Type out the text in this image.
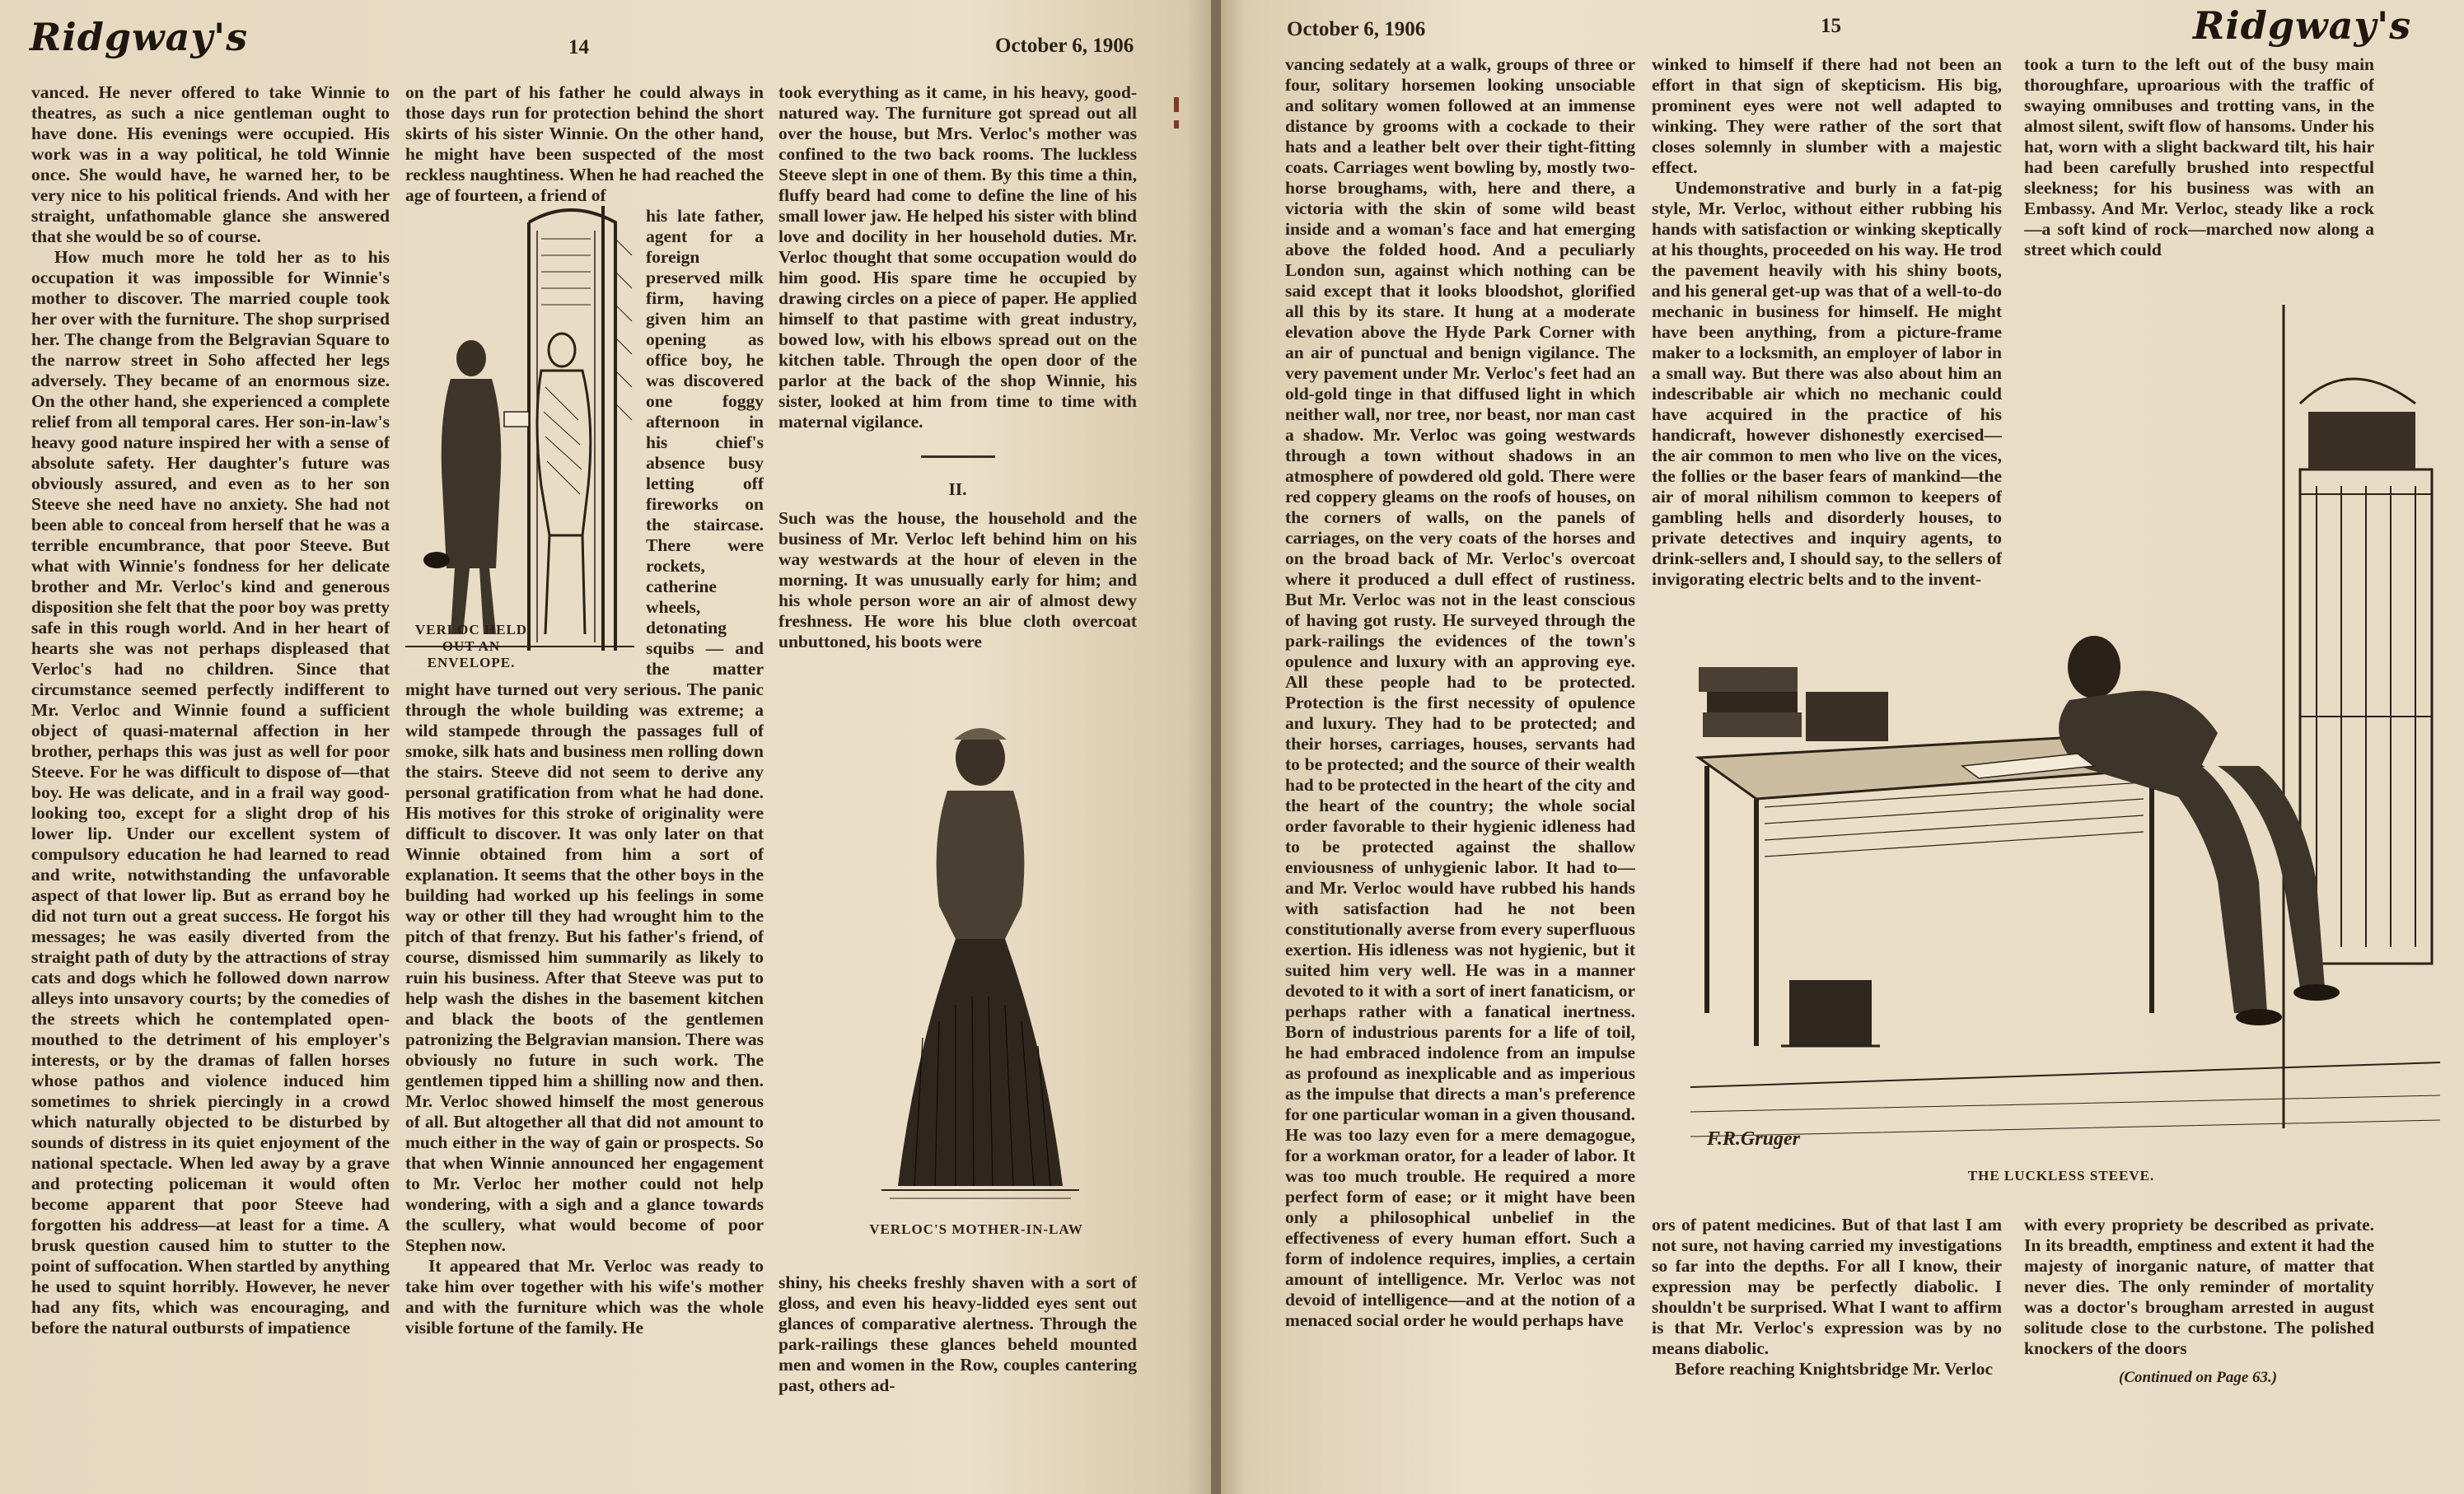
Ridgway's	14	October 6, 1906

vanced. He never offered to take Winnie to theatres, as such a nice gentleman ought to have done. His evenings were occupied. His work was in a way political, he told Winnie once. She would have, he warned her, to be very nice to his political friends. And with her straight, unfathomable glance she answered that she would be so of course.

How much more he told her as to his occupation it was impossible for Winnie's mother to discover. The married couple took her over with the furniture. The shop surprised her. The change from the Belgravian Square to the narrow street in Soho affected her legs adversely. They became of an enormous size. On the other hand, she experienced a complete relief from all temporal cares. Her son-in-law's heavy good nature inspired her with a sense of absolute safety. Her daughter's future was obviously assured, and even as to her son Steeve she need have no anxiety. She had not been able to conceal from herself that he was a terrible encumbrance, that poor Steeve. But what with Winnie's fondness for her delicate brother and Mr. Verloc's kind and generous disposition she felt that the poor boy was pretty safe in this rough world. And in her heart of hearts she was not perhaps displeased that Verloc's had no children. Since that circumstance seemed perfectly indifferent to Mr. Verloc and Winnie found a sufficient object of quasi-maternal affection in her brother, perhaps this was just as well for poor Steeve. For he was difficult to dispose of—that boy. He was delicate, and in a frail way good-looking too, except for a slight drop of his lower lip. Under our excellent system of compulsory education he had learned to read and write, notwithstanding the unfavorable aspect of that lower lip. But as errand boy he did not turn out a great success. He forgot his messages; he was easily diverted from the straight path of duty by the attractions of stray cats and dogs which he followed down narrow alleys into unsavory courts; by the comedies of the streets which he contemplated open-mouthed to the detriment of his employer's interests, or by the dramas of fallen horses whose pathos and violence induced him sometimes to shriek piercingly in a crowd which naturally objected to be disturbed by sounds of distress in its quiet enjoyment of the national spectacle. When led away by a grave and protecting policeman it would often become apparent that poor Steeve had forgotten his address—at least for a time. A brusk question caused him to stutter to the point of suffocation. When startled by anything he used to squint horribly. However, he never had any fits, which was encouraging, and before the natural outbursts of impatience

on the part of his father he could always in those days run for protection behind the short skirts of his sister Winnie. On the other hand, he might have been suspected of the most reckless naughtiness. When he had reached the age of fourteen, a friend of

VERLOC HELD OUT AN ENVELOPE.

his late father, agent for a foreign preserved milk firm, having given him an opening as office boy, he was discovered one foggy afternoon in his chief's absence busy letting off fireworks on the staircase. There were rockets, catherine wheels, detonating squibs — and the matter might have turned out very serious. The panic through the whole building was extreme; a wild stampede through the passages full of smoke, silk hats and business men rolling down the stairs. Steeve did not seem to derive any personal gratification from what he had done. His motives for this stroke of originality were difficult to discover. It was only later on that Winnie obtained from him a sort of explanation. It seems that the other boys in the building had worked up his feelings in some way or other till they had wrought him to the pitch of that frenzy. But his father's friend, of course, dismissed him summarily as likely to ruin his business. After that Steeve was put to help wash the dishes in the basement kitchen and black the boots of the gentlemen patronizing the Belgravian mansion. There was obviously no future in such work. The gentlemen tipped him a shilling now and then. Mr. Verloc showed himself the most generous of all. But altogether all that did not amount to much either in the way of gain or prospects. So that when Winnie announced her engagement to Mr. Verloc her mother could not help wondering, with a sigh and a glance towards the scullery, what would become of poor Stephen now.

It appeared that Mr. Verloc was ready to take him over together with his wife's mother and with the furniture which was the whole visible fortune of the family. He

took everything as it came, in his heavy, good-natured way. The furniture got spread out all over the house, but Mrs. Verloc's mother was confined to the two back rooms. The luckless Steeve slept in one of them. By this time a thin, fluffy beard had come to define the line of his small lower jaw. He helped his sister with blind love and docility in her household duties. Mr. Verloc thought that some occupation would do him good. His spare time he occupied by drawing circles on a piece of paper. He applied himself to that pastime with great industry, bowed low, with his elbows spread out on the kitchen table. Through the open door of the parlor at the back of the shop Winnie, his sister, looked at him from time to time with maternal vigilance.

II.

Such was the house, the household and the business of Mr. Verloc left behind him on his way westwards at the hour of eleven in the morning. It was unusually early for him; and his whole person wore an air of almost dewy freshness. He wore his blue cloth overcoat unbuttoned, his boots were

VERLOC'S MOTHER-IN-LAW

shiny, his cheeks freshly shaven with a sort of gloss, and even his heavy-lidded eyes sent out glances of comparative alertness. Through the park-railings these glances beheld mounted men and women in the Row, couples cantering past, others ad-

October 6, 1906	15	Ridgway's

vancing sedately at a walk, groups of three or four, solitary horsemen looking unsociable and solitary women followed at an immense distance by grooms with a cockade to their hats and a leather belt over their tight-fitting coats. Carriages went bowling by, mostly two-horse broughams, with, here and there, a victoria with the skin of some wild beast inside and a woman's face and hat emerging above the folded hood. And a peculiarly London sun, against which nothing can be said except that it looks bloodshot, glorified all this by its stare. It hung at a moderate elevation above the Hyde Park Corner with an air of punctual and benign vigilance. The very pavement under Mr. Verloc's feet had an old-gold tinge in that diffused light in which neither wall, nor tree, nor beast, nor man cast a shadow. Mr. Verloc was going westwards through a town without shadows in an atmosphere of powdered old gold. There were red coppery gleams on the roofs of houses, on the corners of walls, on the panels of carriages, on the very coats of the horses and on the broad back of Mr. Verloc's overcoat where it produced a dull effect of rustiness. But Mr. Verloc was not in the least conscious of having got rusty. He surveyed through the park-railings the evidences of the town's opulence and luxury with an approving eye. All these people had to be protected. Protection is the first necessity of opulence and luxury. They had to be protected; and their horses, carriages, houses, servants had to be protected; and the source of their wealth had to be protected in the heart of the city and the heart of the country; the whole social order favorable to their hygienic idleness had to be protected against the shallow enviousness of unhygienic labor. It had to—and Mr. Verloc would have rubbed his hands with satisfaction had he not been constitutionally averse from every superfluous exertion. His idleness was not hygienic, but it suited him very well. He was in a manner devoted to it with a sort of inert fanaticism, or perhaps rather with a fanatical inertness. Born of industrious parents for a life of toil, he had embraced indolence from an impulse as profound as inexplicable and as imperious as the impulse that directs a man's preference for one particular woman in a given thousand. He was too lazy even for a mere demagogue, for a workman orator, for a leader of labor. It was too much trouble. He required a more perfect form of ease; or it might have been only a philosophical unbelief in the effectiveness of every human effort. Such a form of indolence requires, implies, a certain amount of intelligence. Mr. Verloc was not devoid of intelligence—and at the notion of a menaced social order he would perhaps have

winked to himself if there had not been an effort in that sign of skepticism. His big, prominent eyes were not well adapted to winking. They were rather of the sort that closes solemnly in slumber with a majestic effect.

Undemonstrative and burly in a fat-pig style, Mr. Verloc, without either rubbing his hands with satisfaction or winking skeptically at his thoughts, proceeded on his way. He trod the pavement heavily with his shiny boots, and his general get-up was that of a well-to-do mechanic in business for himself. He might have been anything, from a picture-frame maker to a locksmith, an employer of labor in a small way. But there was also about him an indescribable air which no mechanic could have acquired in the practice of his handicraft, however dishonestly exercised—the air common to men who live on the vices, the follies or the baser fears of mankind—the air of moral nihilism common to keepers of gambling hells and disorderly houses, to private detectives and inquiry agents, to drink-sellers and, I should say, to the sellers of invigorating electric belts and to the invent-

took a turn to the left out of the busy main thoroughfare, uproarious with the traffic of swaying omnibuses and trotting vans, in the almost silent, swift flow of hansoms. Under his hat, worn with a slight backward tilt, his hair had been carefully brushed into respectful sleekness; for his business was with an Embassy. And Mr. Verloc, steady like a rock—a soft kind of rock—marched now along a street which could

F.R.Gruger
THE LUCKLESS STEEVE.

ors of patent medicines. But of that last I am not sure, not having carried my investigations so far into the depths. For all I know, their expression may be perfectly diabolic. I shouldn't be surprised. What I want to affirm is that Mr. Verloc's expression was by no means diabolic.

Before reaching Knightsbridge Mr. Verloc

with every propriety be described as private. In its breadth, emptiness and extent it had the majesty of inorganic nature, of matter that never dies. The only reminder of mortality was a doctor's brougham arrested in august solitude close to the curbstone. The polished knockers of the doors

(Continued on Page 63.)
